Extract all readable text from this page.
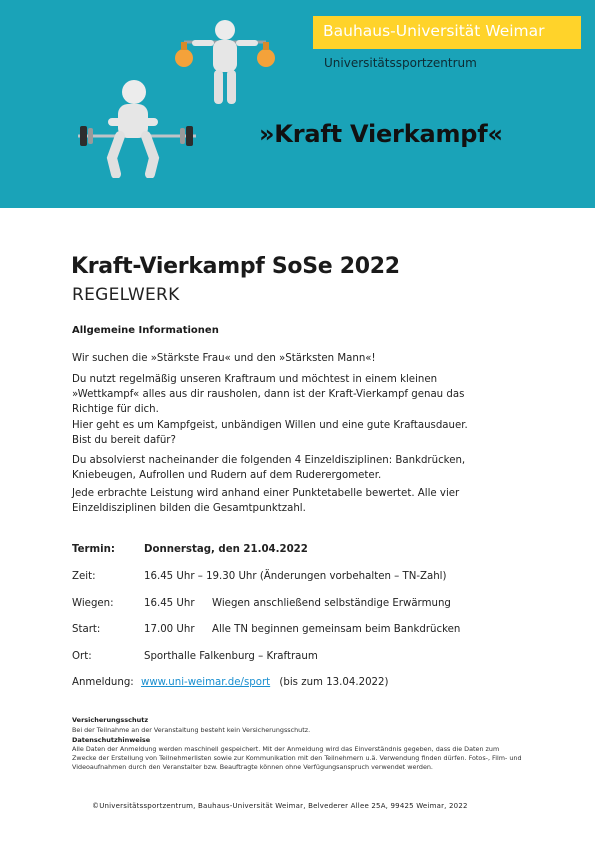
Bauhaus-Universität Weimar
Universitätssportzentrum
»Kraft Vierkampf«
Kraft-Vierkampf SoSe 2022
REGELWERK
Allgemeine Informationen
Wir suchen die »Stärkste Frau« und den »Stärksten Mann«!
Du nutzt regelmäßig unseren Kraftraum und möchtest in einem kleinen »Wettkampf« alles aus dir rausholen, dann ist der Kraft-Vierkampf genau das Richtige für dich.
Hier geht es um Kampfgeist, unbändigen Willen und eine gute Kraftausdauer. Bist du bereit dafür?
Du absolvierst nacheinander die folgenden 4 Einzeldisziplinen: Bankdrücken, Kniebeugen, Aufrollen und Rudern auf dem Ruderergometer.
Jede erbrachte Leistung wird anhand einer Punktetabelle bewertet. Alle vier Einzeldisziplinen bilden die Gesamtpunktzahl.
Termin:	Donnerstag, den 21.04.2022
Zeit:	16.45 Uhr – 19.30 Uhr (Änderungen vorbehalten – TN-Zahl)
Wiegen:	16.45 Uhr Wiegen anschließend selbständige Erwärmung
Start:	17.00 Uhr Alle TN beginnen gemeinsam beim Bankdrücken
Ort:	Sporthalle Falkenburg – Kraftraum
Anmeldung: www.uni-weimar.de/sport (bis zum 13.04.2022)
Versicherungsschutz
Bei der Teilnahme an der Veranstaltung besteht kein Versicherungsschutz.
Datenschutzhinweise
Alle Daten der Anmeldung werden maschinell gespeichert. Mit der Anmeldung wird das Einverständnis gegeben, dass die Daten zum Zwecke der Erstellung von Teilnehmerlisten sowie zur Kommunikation mit den Teilnehmern u.ä. Verwendung finden dürfen. Fotos-, Film- und Videoaufnahmen durch den Veranstalter bzw. Beauftragte können ohne Verfügungsanspruch verwendet werden.
©Universitätssportzentrum, Bauhaus-Universität Weimar, Belvederer Allee 25A, 99425 Weimar, 2022
